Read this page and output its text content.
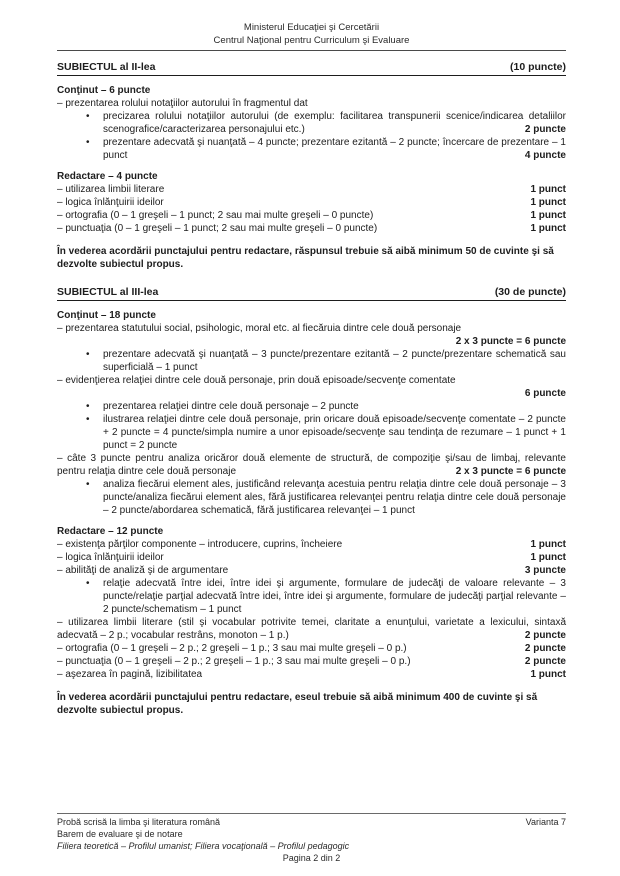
Ministerul Educaţiei şi Cercetării
Centrul Naţional pentru Curriculum şi Evaluare
SUBIECTUL al II-lea	(10 puncte)
Conţinut – 6 puncte
– prezentarea rolului notaţiilor autorului în fragmentul dat
• precizarea rolului notaţiilor autorului (de exemplu: facilitarea transpunerii scenice/indicarea detaliilor scenografice/caracterizarea personajului etc.)	2 puncte
• prezentare adecvată şi nuanţată – 4 puncte; prezentare ezitantă – 2 puncte; încercare de prezentare – 1 punct	4 puncte
Redactare – 4 puncte
– utilizarea limbii literare	1 punct
– logica înlănţuirii ideilor	1 punct
– ortografia (0 – 1 greşeli – 1 punct; 2 sau mai multe greşeli – 0 puncte)	1 punct
– punctuaţia (0 – 1 greşeli – 1 punct; 2 sau mai multe greşeli – 0 puncte)	1 punct
În vederea acordării punctajului pentru redactare, răspunsul trebuie să aibă minimum 50 de cuvinte şi să dezvolte subiectul propus.
SUBIECTUL al III-lea	(30 de puncte)
Conţinut – 18 puncte
– prezentarea statutului social, psihologic, moral etc. al fiecăruia dintre cele două personaje
2 x 3 puncte = 6 puncte
• prezentare adecvată şi nuanţată – 3 puncte/prezentare ezitantă – 2 puncte/prezentare schematică sau superficială – 1 punct
– evidenţierea relaţiei dintre cele două personaje, prin două episoade/secvenţe comentate
6 puncte
• prezentarea relaţiei dintre cele două personaje – 2 puncte
• ilustrarea relaţiei dintre cele două personaje, prin oricare două episoade/secvenţe comentate – 2 puncte + 2 puncte = 4 puncte/simpla numire a unor episoade/secvenţe sau tendinţa de rezumare – 1 punct + 1 punct = 2 puncte
– câte 3 puncte pentru analiza oricăror două elemente de structură, de compoziţie şi/sau de limbaj, relevante pentru relaţia dintre cele două personaje	2 x 3 puncte = 6 puncte
• analiza fiecărui element ales, justificând relevanţa acestuia pentru relaţia dintre cele două personaje – 3 puncte/analiza fiecărui element ales, fără justificarea relevanţei pentru relaţia dintre cele două personaje – 2 puncte/abordarea schematică, fără justificarea relevanţei – 1 punct
Redactare – 12 puncte
– existenţa părţilor componente – introducere, cuprins, încheiere	1 punct
– logica înlănţuirii ideilor	1 punct
– abilităţi de analiză şi de argumentare	3 puncte
• relaţie adecvată între idei, între idei şi argumente, formulare de judecăţi de valoare relevante – 3 puncte/relaţie parţial adecvată între idei, între idei şi argumente, formulare de judecăţi parţial relevante – 2 puncte/schematism – 1 punct
– utilizarea limbii literare (stil şi vocabular potrivite temei, claritate a enunţului, varietate a lexicului, sintaxă adecvată – 2 p.; vocabular restrâns, monoton – 1 p.)	2 puncte
– ortografia (0 – 1 greşeli – 2 p.; 2 greşeli – 1 p.; 3 sau mai multe greşeli – 0 p.)	2 puncte
– punctuaţia (0 – 1 greşeli – 2 p.; 2 greşeli – 1 p.; 3 sau mai multe greşeli – 0 p.)	2 puncte
– aşezarea în pagină, lizibilitatea	1 punct
În vederea acordării punctajului pentru redactare, eseul trebuie să aibă minimum 400 de cuvinte şi să dezvolte subiectul propus.
Probă scrisă la limba şi literatura română	Varianta 7
Barem de evaluare şi de notare
Filiera teoretică – Profilul umanist; Filiera vocaţională – Profilul pedagogic
Pagina 2 din 2
